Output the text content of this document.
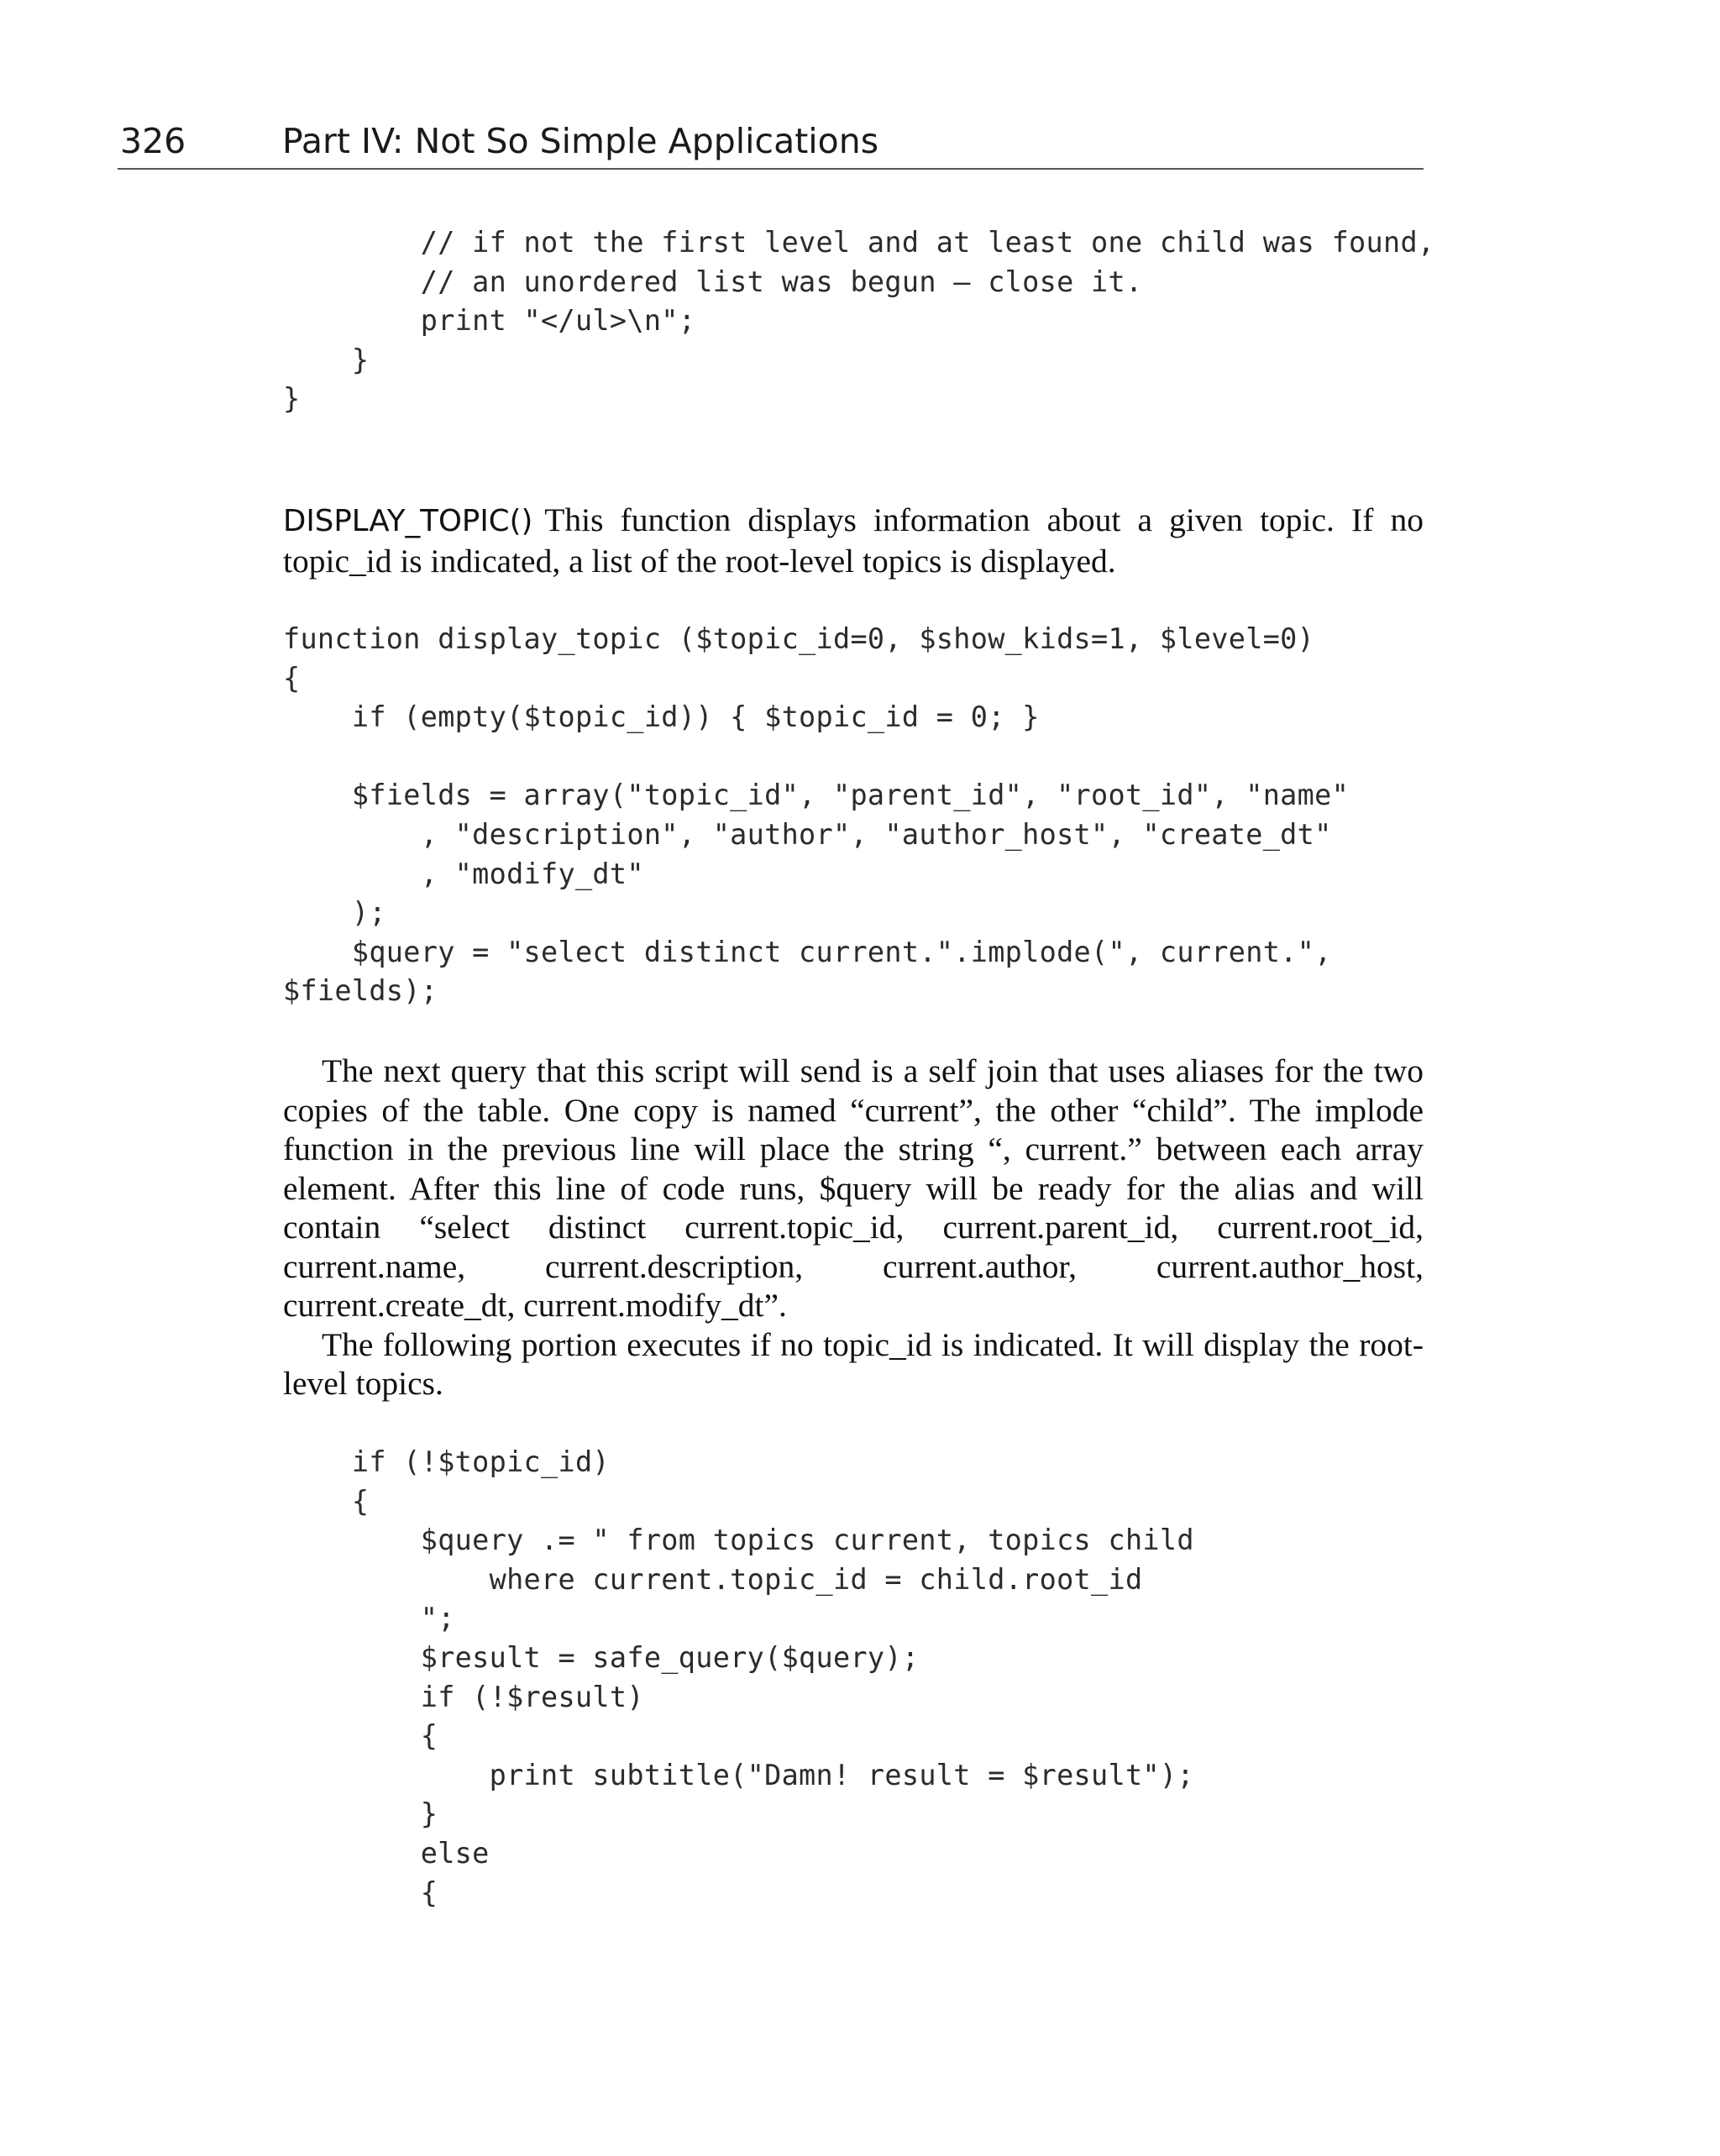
326	Part IV: Not So Simple Applications
// if not the first level and at least one child was found,
// an unordered list was begun – close it.
print "</ul>\n";
}
}

DISPLAY_TOPIC() This function displays information about a given topic. If no topic_id is indicated, a list of the root-level topics is displayed.

function display_topic ($topic_id=0, $show_kids=1, $level=0)
{
if (empty($topic_id)) { $topic_id = 0; }

$fields = array("topic_id", "parent_id", "root_id", "name"
, "description", "author", "author_host", "create_dt"
, "modify_dt"
);
$query = "select distinct current.".implode(", current.",
$fields);

The next query that this script will send is a self join that uses aliases for the two copies of the table. One copy is named “current”, the other “child”. The implode function in the previous line will place the string “, current.” between each array element. After this line of code runs, $query will be ready for the alias and will contain “select distinct current.topic_id, current.parent_id, current.root_id, current.name, current.description, current.author, current.author_host, current.create_dt, current.modify_dt”.

The following portion executes if no topic_id is indicated. It will display the root-level topics.

if (!$topic_id)
{
$query .= " from topics current, topics child
where current.topic_id = child.root_id
";
$result = safe_query($query);
if (!$result)
{
print subtitle("Damn! result = $result");
}
else
{
